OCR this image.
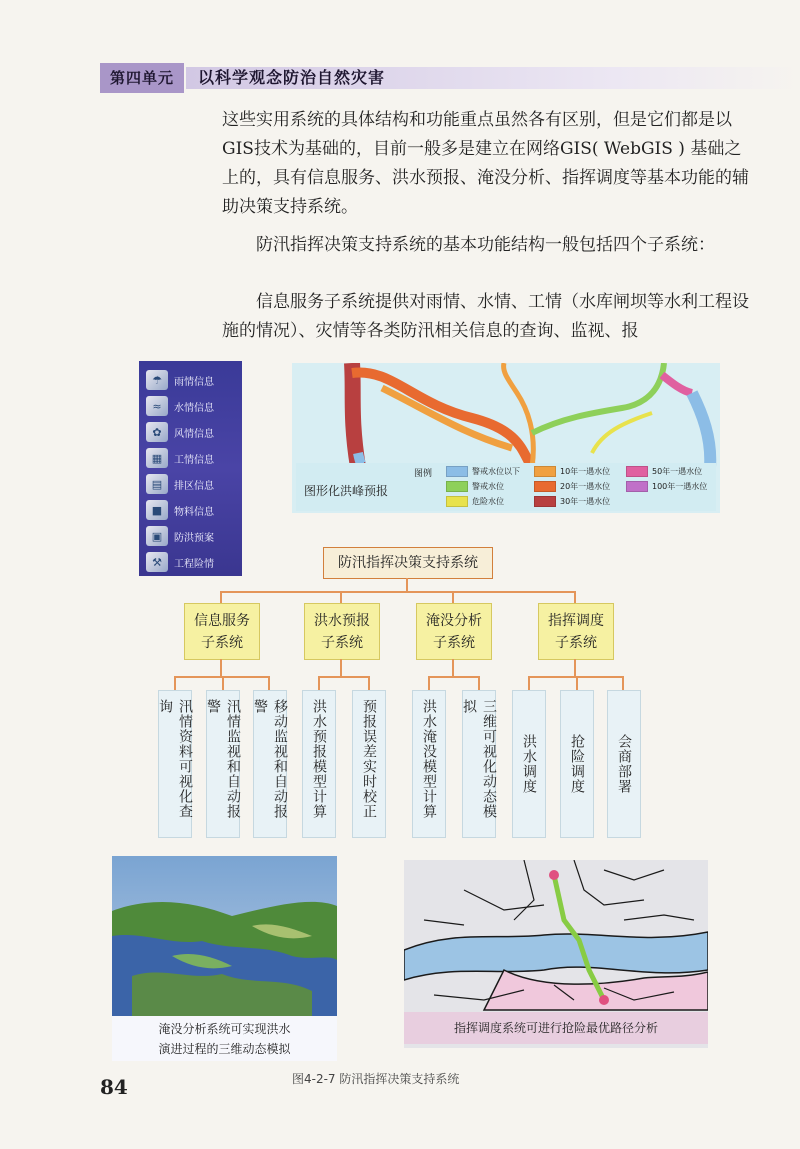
第四单元	以科学观念防治自然灾害

这些实用系统的具体结构和功能重点虽然各有区别，但是它们都是以GIS技术为基础的，目前一般多是建立在网络GIS( WebGIS ) 基础之上的，具有信息服务、洪水预报、淹没分析、指挥调度等基本功能的辅助决策支持系统。

防汛指挥决策支持系统的基本功能结构一般包括四个子系统：

信息服务子系统提供对雨情、水情、工情（水库闸坝等水利工程设施的情况）、灾情等各类防汛相关信息的查询、监视、报

☂	雨情信息
≈	水情信息
✿	风情信息
▦	工情信息
▤	排区信息
■	物料信息
▣	防洪预案
⚒	工程险情
图形化洪峰预报
图例	警戒水位以下
警戒水位
危险水位
10年一遇水位
20年一遇水位
30年一遇水位
50年一遇水位
100年一遇水位
防汛指挥决策支持系统
信息服务
子系统
洪水预报
子系统
淹没分析
子系统
指挥调度
子系统
汛情资料可视化查询	汛情监视和自动报警	移动监视和自动报警	洪水预报模型计算	预报误差实时校正	洪水淹没模型计算	三维可视化动态模拟
洪水调度	抢险调度	会商部署
淹没分析系统可实现洪水
演进过程的三维动态模拟
指挥调度系统可进行抢险最优路径分析
图4-2-7 防汛指挥决策支持系统
84
